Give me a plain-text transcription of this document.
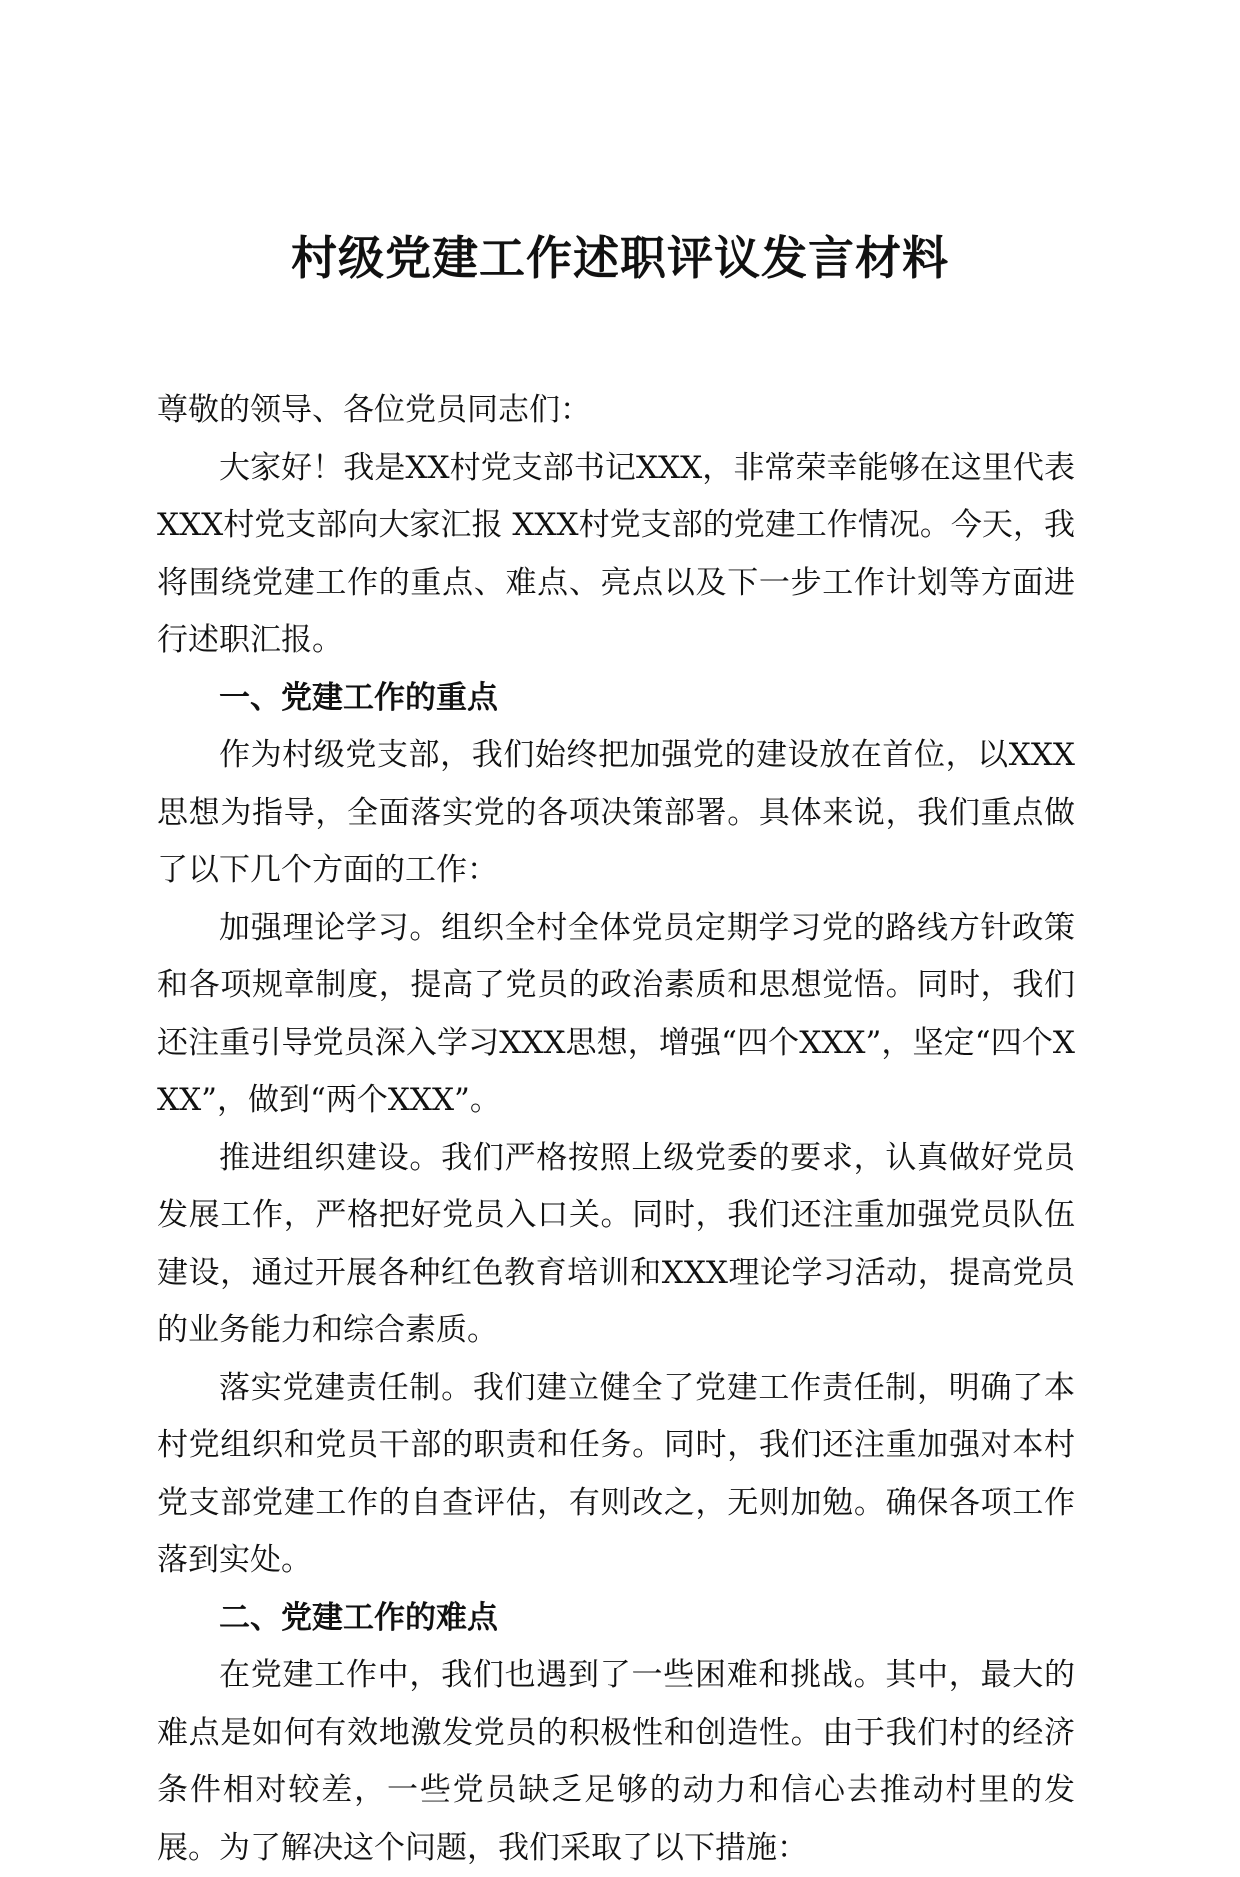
村级党建工作述职评议发言材料

尊敬的领导、各位党员同志们：

大家好！我是XX村党支部书记XXX，非常荣幸能够在这里代表XXX村党支部向大家汇报 XXX村党支部的党建工作情况。今天，我将围绕党建工作的重点、难点、亮点以及下一步工作计划等方面进行述职汇报。

一、党建工作的重点

作为村级党支部，我们始终把加强党的建设放在首位，以XXX思想为指导，全面落实党的各项决策部署。具体来说，我们重点做了以下几个方面的工作：

加强理论学习。组织全村全体党员定期学习党的路线方针政策和各项规章制度，提高了党员的政治素质和思想觉悟。同时，我们还注重引导党员深入学习XXX思想，增强“四个XXX”，坚定“四个XXX”，做到“两个XXX”。

推进组织建设。我们严格按照上级党委的要求，认真做好党员发展工作，严格把好党员入口关。同时，我们还注重加强党员队伍建设，通过开展各种红色教育培训和XXX理论学习活动，提高党员的业务能力和综合素质。

落实党建责任制。我们建立健全了党建工作责任制，明确了本村党组织和党员干部的职责和任务。同时，我们还注重加强对本村党支部党建工作的自查评估，有则改之，无则加勉。确保各项工作落到实处。

二、党建工作的难点

在党建工作中，我们也遇到了一些困难和挑战。其中，最大的难点是如何有效地激发党员的积极性和创造性。由于我们村的经济条件相对较差，一些党员缺乏足够的动力和信心去推动村里的发展。为了解决这个问题，我们采取了以下措施：
